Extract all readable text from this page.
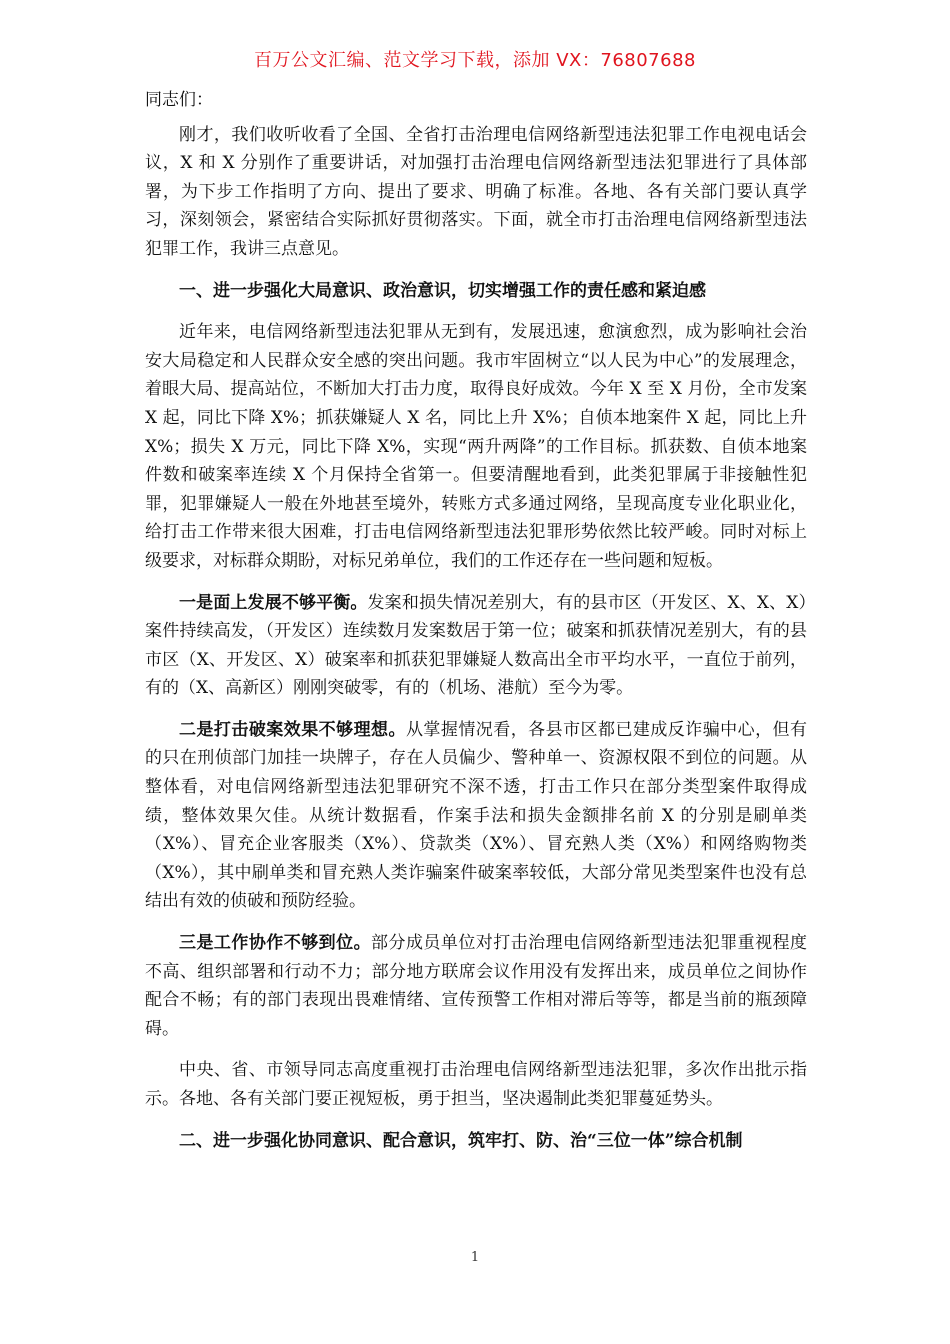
百万公文汇编、范文学习下载，添加 VX：76807688

同志们：

刚才，我们收听收看了全国、全省打击治理电信网络新型违法犯罪工作电视电话会议，X 和 X 分别作了重要讲话，对加强打击治理电信网络新型违法犯罪进行了具体部署，为下步工作指明了方向、提出了要求、明确了标准。各地、各有关部门要认真学习，深刻领会，紧密结合实际抓好贯彻落实。下面，就全市打击治理电信网络新型违法犯罪工作，我讲三点意见。

一、进一步强化大局意识、政治意识，切实增强工作的责任感和紧迫感

近年来，电信网络新型违法犯罪从无到有，发展迅速，愈演愈烈，成为影响社会治安大局稳定和人民群众安全感的突出问题。我市牢固树立“以人民为中心”的发展理念，着眼大局、提高站位，不断加大打击力度，取得良好成效。今年 X 至 X 月份，全市发案 X 起，同比下降 X%；抓获嫌疑人 X 名，同比上升 X%；自侦本地案件 X 起，同比上升 X%；损失 X 万元，同比下降 X%，实现“两升两降”的工作目标。抓获数、自侦本地案件数和破案率连续 X 个月保持全省第一。但要清醒地看到，此类犯罪属于非接触性犯罪，犯罪嫌疑人一般在外地甚至境外，转账方式多通过网络，呈现高度专业化职业化，给打击工作带来很大困难，打击电信网络新型违法犯罪形势依然比较严峻。同时对标上级要求，对标群众期盼，对标兄弟单位，我们的工作还存在一些问题和短板。

一是面上发展不够平衡。发案和损失情况差别大，有的县市区（开发区、X、X、X）案件持续高发，（开发区）连续数月发案数居于第一位；破案和抓获情况差别大，有的县市区（X、开发区、X）破案率和抓获犯罪嫌疑人数高出全市平均水平，一直位于前列，有的（X、高新区）刚刚突破零，有的（机场、港航）至今为零。

二是打击破案效果不够理想。从掌握情况看，各县市区都已建成反诈骗中心，但有的只在刑侦部门加挂一块牌子，存在人员偏少、警种单一、资源权限不到位的问题。从整体看，对电信网络新型违法犯罪研究不深不透，打击工作只在部分类型案件取得成绩，整体效果欠佳。从统计数据看，作案手法和损失金额排名前 X 的分别是刷单类（X%）、冒充企业客服类（X%）、贷款类（X%）、冒充熟人类（X%）和网络购物类（X%），其中刷单类和冒充熟人类诈骗案件破案率较低，大部分常见类型案件也没有总结出有效的侦破和预防经验。

三是工作协作不够到位。部分成员单位对打击治理电信网络新型违法犯罪重视程度不高、组织部署和行动不力；部分地方联席会议作用没有发挥出来，成员单位之间协作配合不畅；有的部门表现出畏难情绪、宣传预警工作相对滞后等等，都是当前的瓶颈障碍。

中央、省、市领导同志高度重视打击治理电信网络新型违法犯罪，多次作出批示指示。各地、各有关部门要正视短板，勇于担当，坚决遏制此类犯罪蔓延势头。

二、进一步强化协同意识、配合意识，筑牢打、防、治“三位一体”综合机制

1
